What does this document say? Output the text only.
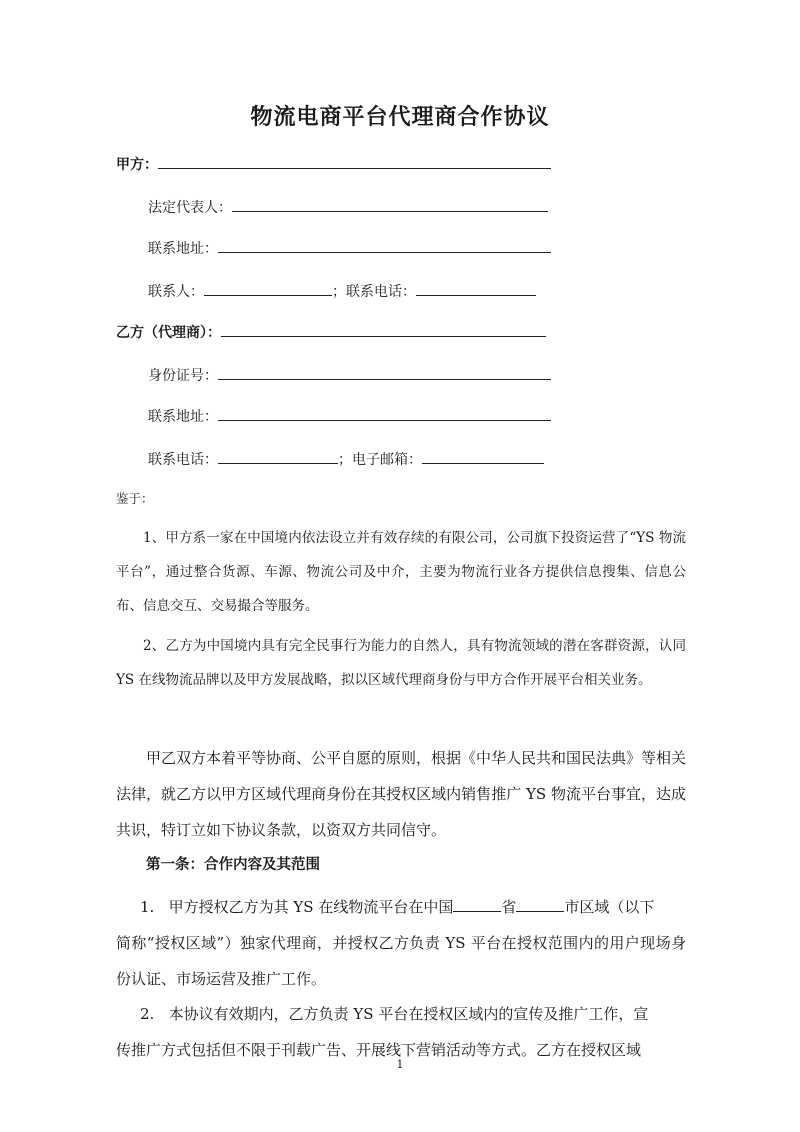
物流电商平台代理商合作协议
甲方：
法定代表人：
联系地址：
联系人：	；联系电话：
乙方（代理商）：
身份证号：
联系地址：
联系电话：	；电子邮箱：
鉴于：
1、甲方系一家在中国境内依法设立并有效存续的有限公司，公司旗下投资运营了“YS 物流平台”，通过整合货源、车源、物流公司及中介，主要为物流行业各方提供信息搜集、信息公布、信息交互、交易撮合等服务。
2、乙方为中国境内具有完全民事行为能力的自然人，具有物流领域的潜在客群资源，认同 YS 在线物流品牌以及甲方发展战略，拟以区域代理商身份与甲方合作开展平台相关业务。
甲乙双方本着平等协商、公平自愿的原则，根据《中华人民共和国民法典》等相关法律，就乙方以甲方区域代理商身份在其授权区域内销售推广 YS 物流平台事宜，达成共识，特订立如下协议条款，以资双方共同信守。
第一条：合作内容及其范围
1. 甲方授权乙方为其 YS 在线物流平台在中国	省	市区域（以下
简称“授权区域”）独家代理商，并授权乙方负责 YS 平台在授权范围内的用户现场身份认证、市场运营及推广工作。
2. 本协议有效期内，乙方负责 YS 平台在授权区域内的宣传及推广工作，宣
传推广方式包括但不限于刊载广告、开展线下营销活动等方式。乙方在授权区域
1
